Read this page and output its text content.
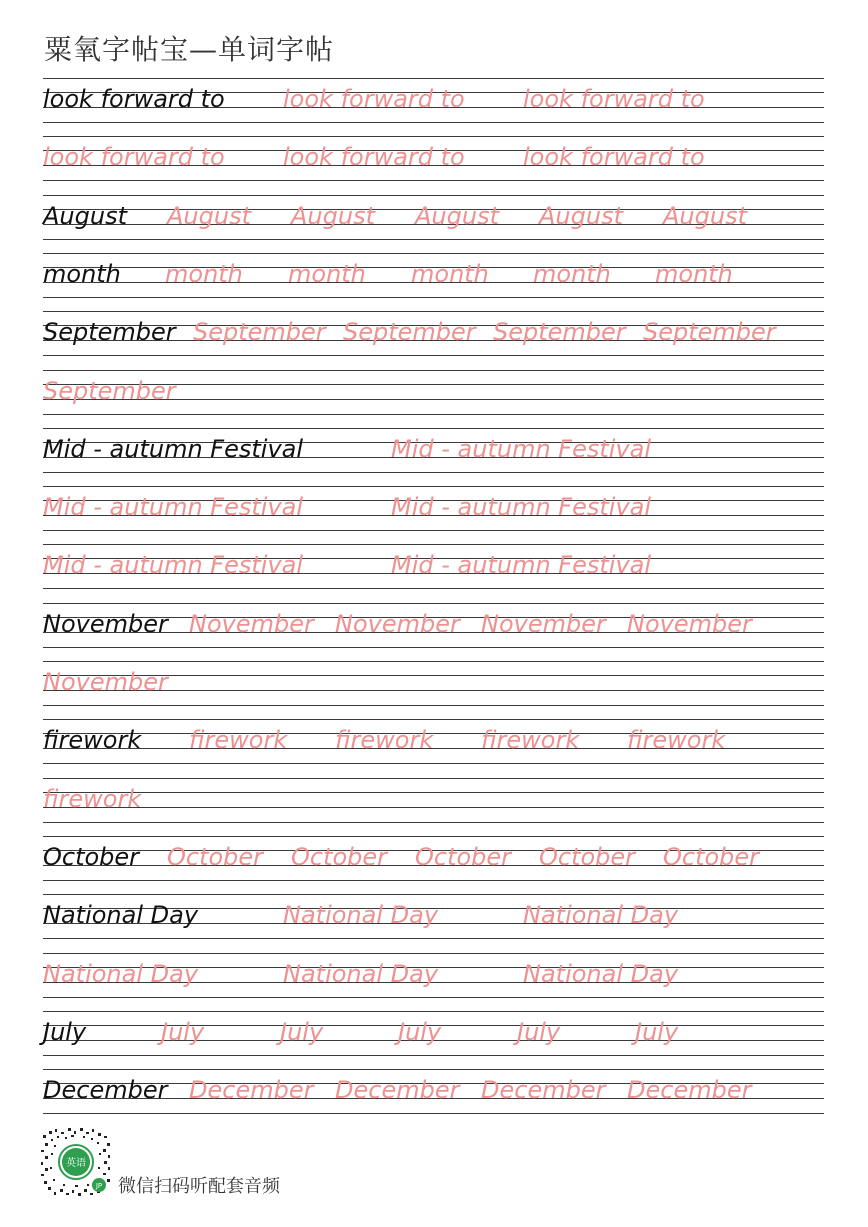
粟氧字帖宝—单词字帖
look forward to look forward to look forward to
look forward to look forward to look forward to
August August August August August August
month month month month month month
September September September September September
September
Mid - autumn Festival	Mid - autumn Festival
Mid - autumn Festival	Mid - autumn Festival
Mid - autumn Festival	Mid - autumn Festival
November November November November November
November
firework firework firework firework firework
firework
October October October October October October
National Day	National Day	National Day
National Day	National Day	National Day
July	July	July	July	July	July
December December December December December
英语
JP 微信扫码听配套音频
